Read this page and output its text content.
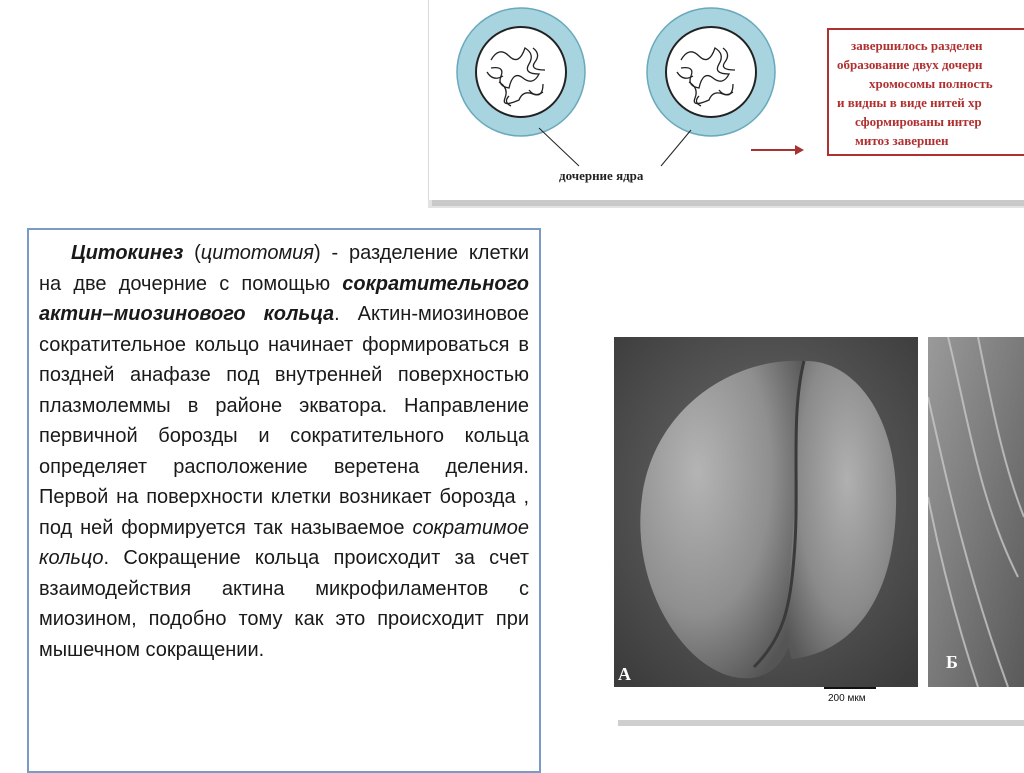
дочерние ядра
завершилось разделен
образование двух дочерн
хромосомы полность
и видны в виде нитей хр
сформированы интер
митоз завершен
Цитокинез (цитотомия) - разделение клетки на две дочерние с помощью сократительного актин–миозинового кольца. Актин-миозиновое сократительное кольцо начинает формироваться в поздней анафазе под внутренней поверхностью плазмолеммы в районе экватора. Направление первичной борозды и сократительного кольца определяет расположение веретена деления. Первой на поверхности клетки возникает борозда , под ней формируется так называемое сократимое кольцо. Сокращение кольца происходит за счет взаимодействия актина микрофиламентов с миозином, подобно тому как это происходит при мышечном сокращении.
А
Б
200 мкм
